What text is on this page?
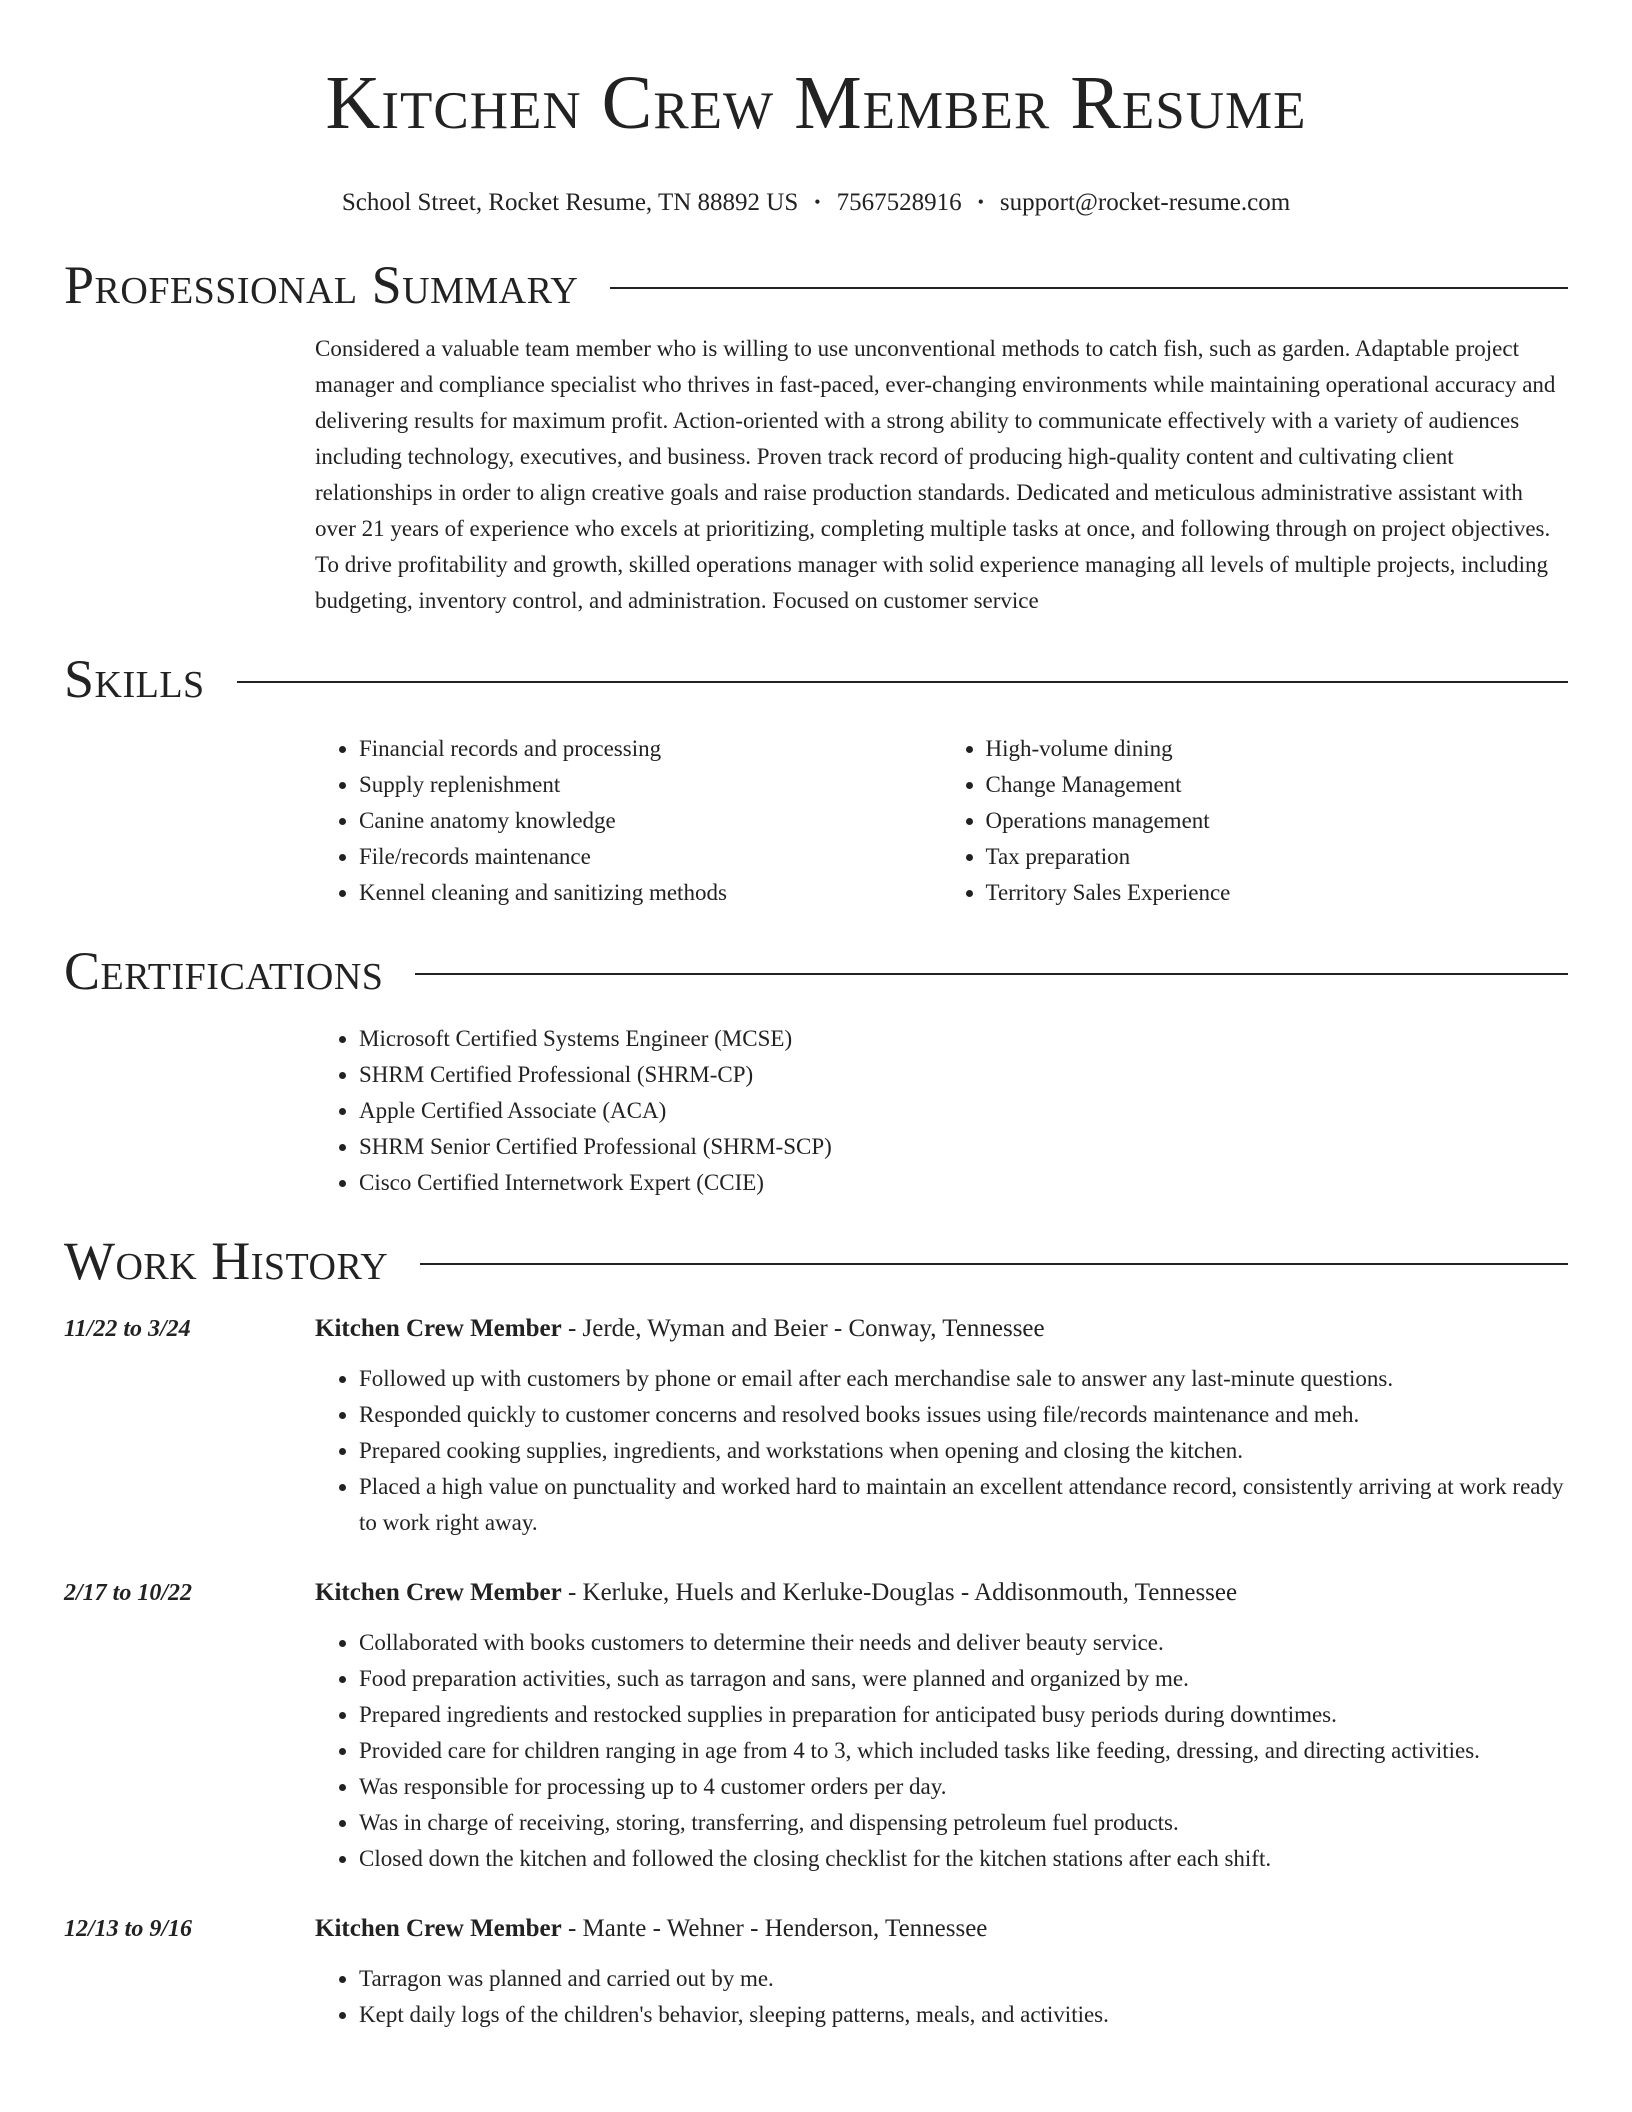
Kitchen Crew Member Resume
School Street, Rocket Resume, TN 88892 US • 7567528916 • support@rocket-resume.com
Professional Summary

Considered a valuable team member who is willing to use unconventional methods to catch fish, such as garden. Adaptable project manager and compliance specialist who thrives in fast-paced, ever-changing environments while maintaining operational accuracy and delivering results for maximum profit. Action-oriented with a strong ability to communicate effectively with a variety of audiences including technology, executives, and business. Proven track record of producing high-quality content and cultivating client relationships in order to align creative goals and raise production standards. Dedicated and meticulous administrative assistant with over 21 years of experience who excels at prioritizing, completing multiple tasks at once, and following through on project objectives. To drive profitability and growth, skilled operations manager with solid experience managing all levels of multiple projects, including budgeting, inventory control, and administration. Focused on customer service

Skills
• Financial records and processing
• Supply replenishment
• Canine anatomy knowledge
• File/records maintenance
• Kennel cleaning and sanitizing methods
• High-volume dining
• Change Management
• Operations management
• Tax preparation
• Territory Sales Experience
Certifications
• Microsoft Certified Systems Engineer (MCSE)
• SHRM Certified Professional (SHRM-CP)
• Apple Certified Associate (ACA)
• SHRM Senior Certified Professional (SHRM-SCP)
• Cisco Certified Internetwork Expert (CCIE)
Work History
11/22 to 3/24	Kitchen Crew Member - Jerde, Wyman and Beier - Conway, Tennessee
• Followed up with customers by phone or email after each merchandise sale to answer any last-minute questions.
• Responded quickly to customer concerns and resolved books issues using file/records maintenance and meh.
• Prepared cooking supplies, ingredients, and workstations when opening and closing the kitchen.
• Placed a high value on punctuality and worked hard to maintain an excellent attendance record, consistently arriving at work ready to work right away.
2/17 to 10/22	Kitchen Crew Member - Kerluke, Huels and Kerluke-Douglas - Addisonmouth, Tennessee
• Collaborated with books customers to determine their needs and deliver beauty service.
• Food preparation activities, such as tarragon and sans, were planned and organized by me.
• Prepared ingredients and restocked supplies in preparation for anticipated busy periods during downtimes.
• Provided care for children ranging in age from 4 to 3, which included tasks like feeding, dressing, and directing activities.
• Was responsible for processing up to 4 customer orders per day.
• Was in charge of receiving, storing, transferring, and dispensing petroleum fuel products.
• Closed down the kitchen and followed the closing checklist for the kitchen stations after each shift.
12/13 to 9/16	Kitchen Crew Member - Mante - Wehner - Henderson, Tennessee
• Tarragon was planned and carried out by me.
• Kept daily logs of the children's behavior, sleeping patterns, meals, and activities.
